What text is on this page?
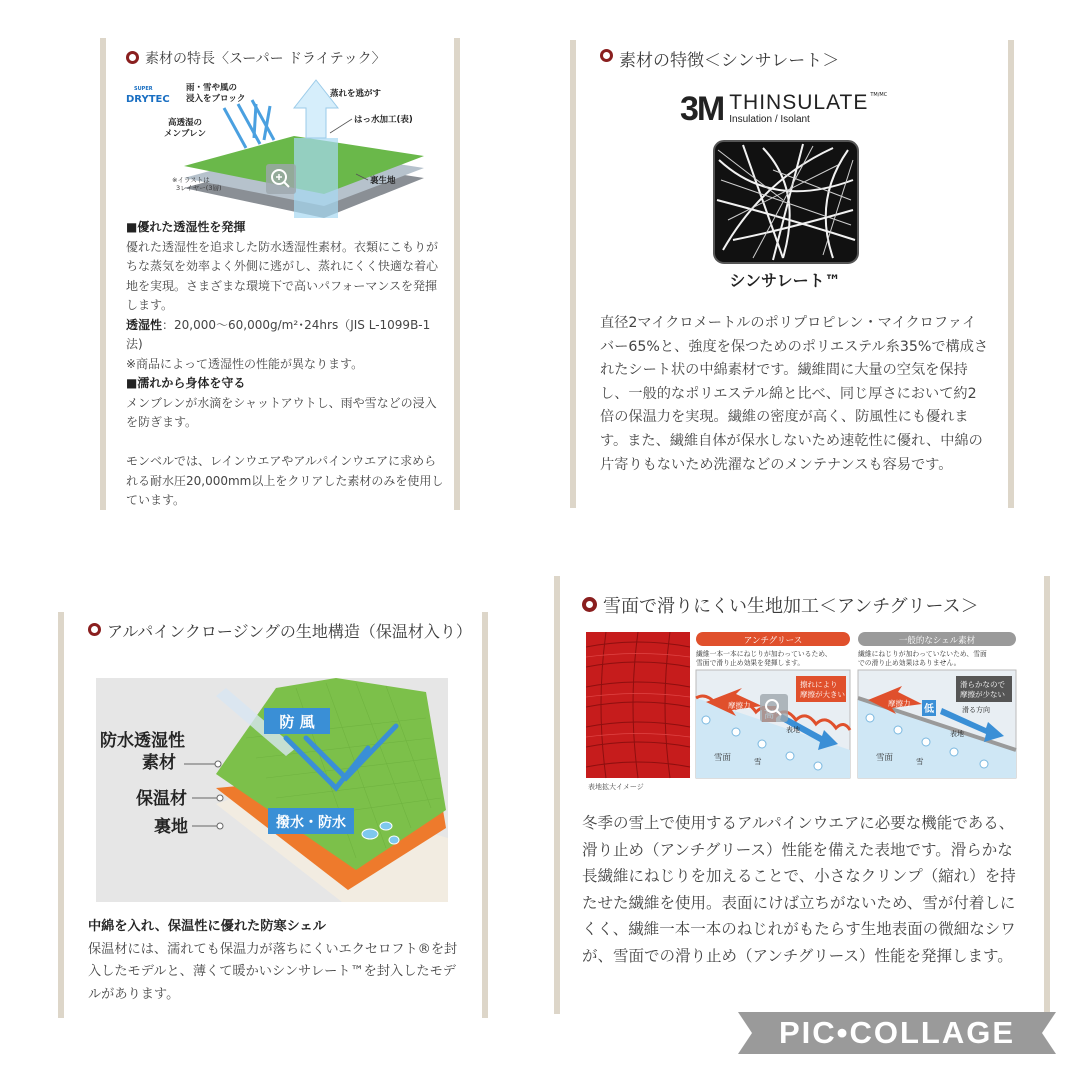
素材の特長〈スーパー ドライテック〉
SUPER
DRYTEC
雨・雪や風の浸入をブロック	蒸れを逃がす
高透湿のメンブレン
はっ水加工(表)
裏生地
※イラストは 3レイヤー(3層)

■優れた透湿性を発揮

優れた透湿性を追求した防水透湿性素材。衣類にこもりがちな蒸気を効率よく外側に逃がし、蒸れにくく快適な着心地を実現。さまざまな環境下で高いパフォーマンスを発揮します。

透湿性：20,000〜60,000g/m²･24hrs（JIS L-1099B-1法)

※商品によって透湿性の性能が異なります。

■濡れから身体を守る

メンブレンが水滴をシャットアウトし、雨や雪などの浸入を防ぎます。

モンベルでは、レインウエアやアルパインウエアに求められる耐水圧20,000mm以上をクリアした素材のみを使用しています。

素材の特徴＜シンサレート＞
3M THINSULATE TM/MC
Insulation / Isolant
シンサレート™
直径2マイクロメートルのポリプロピレン・マイクロファイバー65%と、強度を保つためのポリエステル糸35%で構成されたシート状の中綿素材です。繊維間に大量の空気を保持し、一般的なポリエステル綿と比べ、同じ厚さにおいて約2倍の保温力を実現。繊維の密度が高く、防風性にも優れます。また、繊維自体が保水しないため速乾性に優れ、中綿の片寄りもないため洗濯などのメンテナンスも容易です。
アルパインクロージングの生地構造（保温材入り）
防 風
撥水・防水
防水透湿性素材
保温材
裏地

中綿を入れ、保温性に優れた防寒シェル

保温材には、濡れても保温力が落ちにくいエクセロフト®を封入したモデルと、薄くて暖かいシンサレート™を封入したモデルがあります。

雪面で滑りにくい生地加工＜アンチグリース＞
表地拡大イメージ
アンチグリース
繊維一本一本にねじりが加わっているため、雪面で滑り止め効果を発揮します。
擦れにより摩擦が大きい
摩擦力
表地
雪面	雪
一般的なシェル素材
繊維にねじりが加わっていないため、雪面での滑り止め効果はありません。
滑らかなので摩擦が少ない
摩擦力
低	滑る方向
表地
雪面	雪
冬季の雪上で使用するアルパインウエアに必要な機能である、滑り止め（アンチグリース）性能を備えた表地です。滑らかな長繊維にねじりを加えることで、小さなクリンプ（縮れ）を持たせた繊維を使用。表面にけば立ちがないため、雪が付着しにくく、繊維一本一本のねじれがもたらす生地表面の微細なシワが、雪面での滑り止め（アンチグリース）性能を発揮します。
PIC•COLLAGE
